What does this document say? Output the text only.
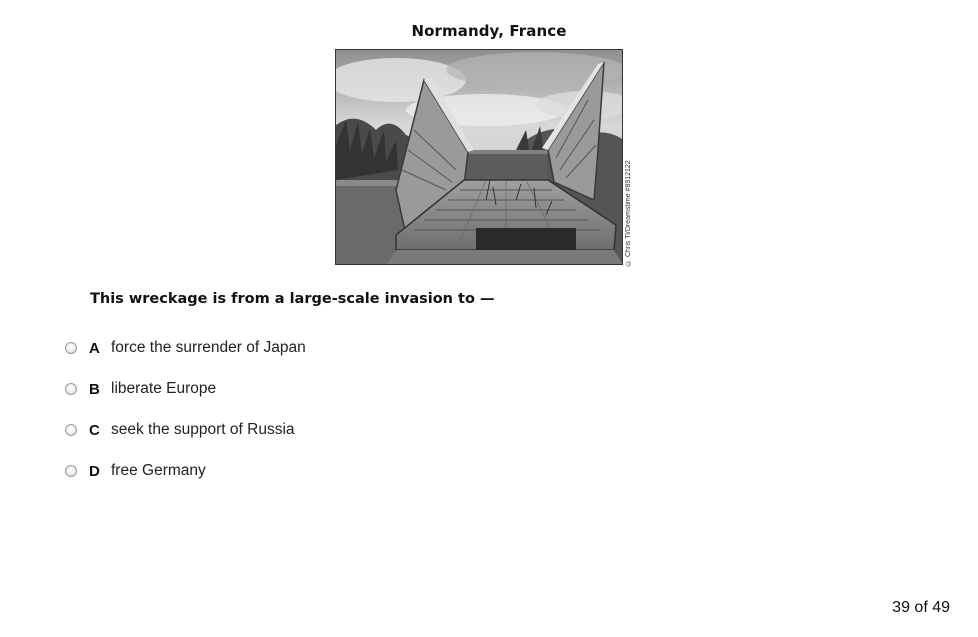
Normandy, France
© Chris Tl/Dreamstime #8912122
This wreckage is from a large-scale invasion to —
A force the surrender of Japan
B liberate Europe
C seek the support of Russia
D free Germany
39 of 49
